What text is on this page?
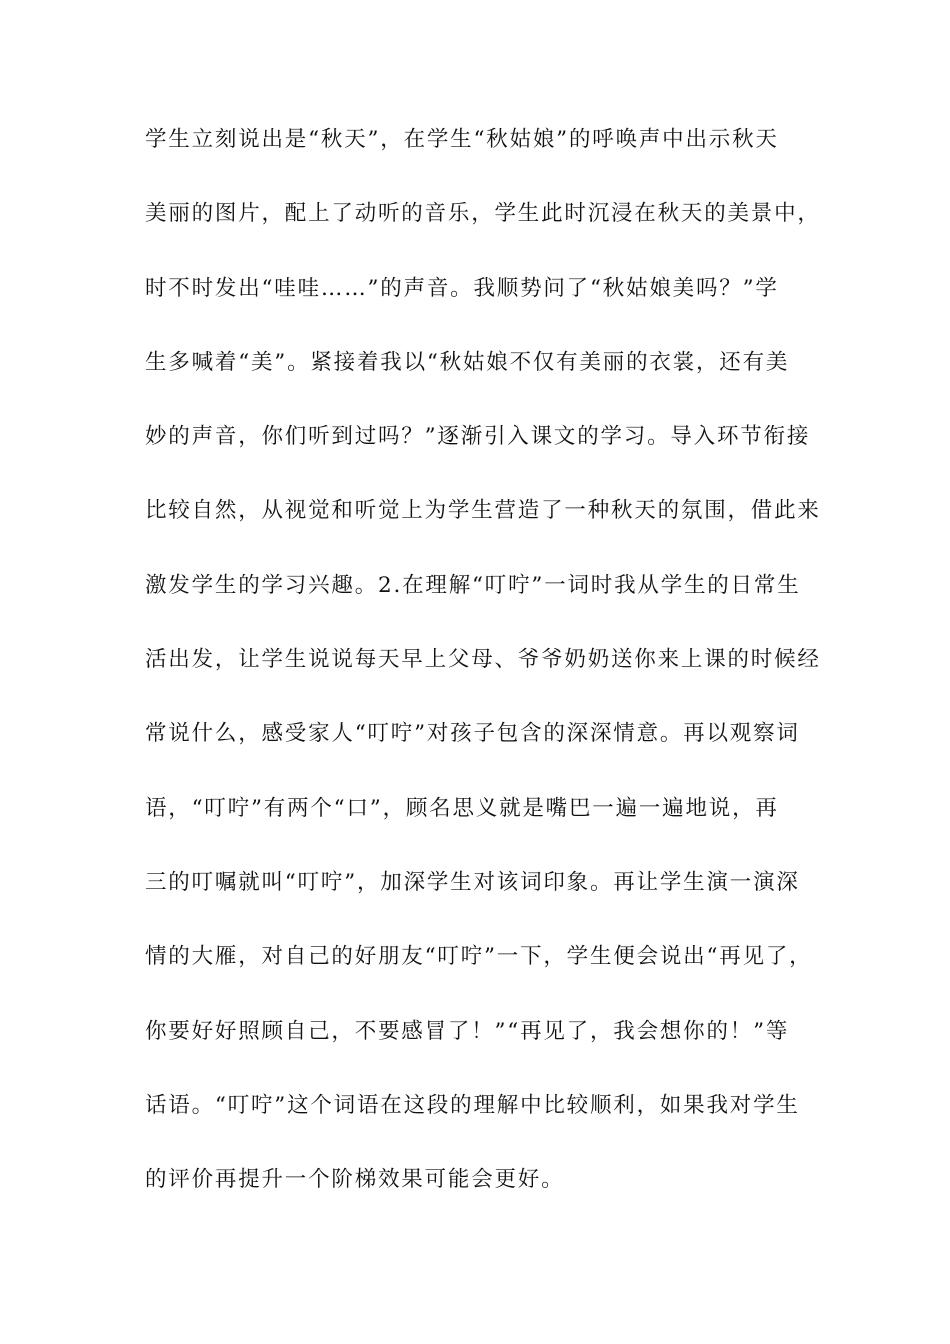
学生立刻说出是“秋天”，在学生“秋姑娘”的呼唤声中出示秋天
美丽的图片，配上了动听的音乐，学生此时沉浸在秋天的美景中，
时不时发出“哇哇……”的声音。我顺势问了“秋姑娘美吗？”学
生多喊着“美”。紧接着我以“秋姑娘不仅有美丽的衣裳，还有美
妙的声音，你们听到过吗？”逐渐引入课文的学习。导入环节衔接
比较自然，从视觉和听觉上为学生营造了一种秋天的氛围，借此来
激发学生的学习兴趣。2.在理解“叮咛”一词时我从学生的日常生
活出发，让学生说说每天早上父母、爷爷奶奶送你来上课的时候经
常说什么，感受家人“叮咛”对孩子包含的深深情意。再以观察词
语，“叮咛”有两个“口”，顾名思义就是嘴巴一遍一遍地说，再
三的叮嘱就叫“叮咛”，加深学生对该词印象。再让学生演一演深
情的大雁，对自己的好朋友“叮咛”一下，学生便会说出“再见了，
你要好好照顾自己，不要感冒了！”“再见了，我会想你的！”等
话语。“叮咛”这个词语在这段的理解中比较顺利，如果我对学生
的评价再提升一个阶梯效果可能会更好。
